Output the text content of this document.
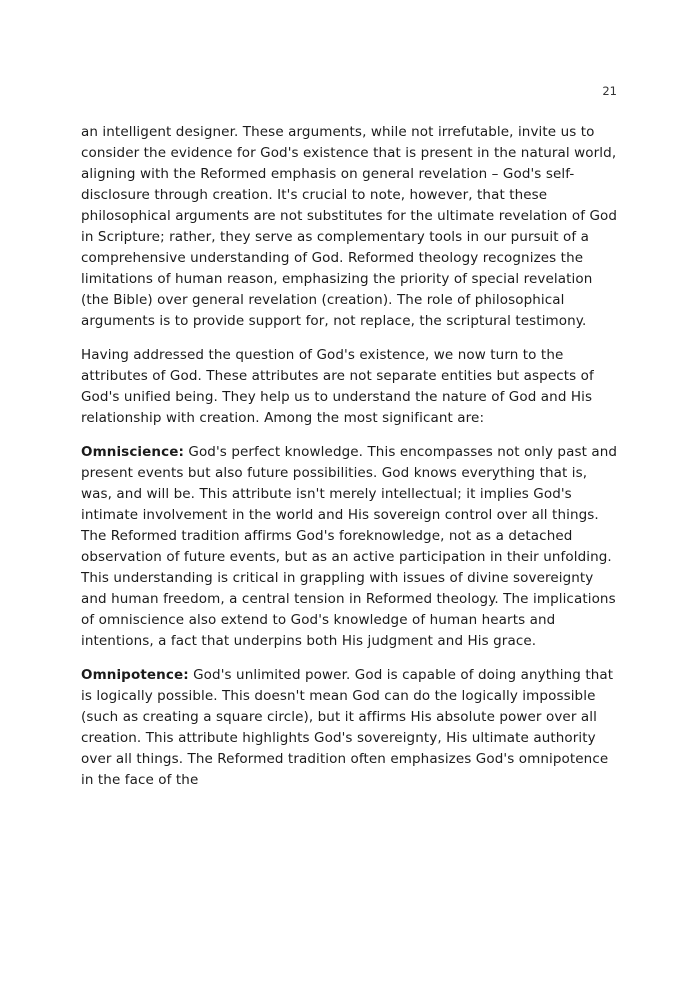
21

an intelligent designer. These arguments, while not irrefutable, invite us to consider the evidence for God's existence that is present in the natural world, aligning with the Reformed emphasis on general revelation – God's self-disclosure through creation. It's crucial to note, however, that these philosophical arguments are not substitutes for the ultimate revelation of God in Scripture; rather, they serve as complementary tools in our pursuit of a comprehensive understanding of God. Reformed theology recognizes the limitations of human reason, emphasizing the priority of special revelation (the Bible) over general revelation (creation). The role of philosophical arguments is to provide support for, not replace, the scriptural testimony.

Having addressed the question of God's existence, we now turn to the attributes of God. These attributes are not separate entities but aspects of God's unified being. They help us to understand the nature of God and His relationship with creation. Among the most significant are:

Omniscience: God's perfect knowledge. This encompasses not only past and present events but also future possibilities. God knows everything that is, was, and will be. This attribute isn't merely intellectual; it implies God's intimate involvement in the world and His sovereign control over all things. The Reformed tradition affirms God's foreknowledge, not as a detached observation of future events, but as an active participation in their unfolding. This understanding is critical in grappling with issues of divine sovereignty and human freedom, a central tension in Reformed theology. The implications of omniscience also extend to God's knowledge of human hearts and intentions, a fact that underpins both His judgment and His grace.

Omnipotence: God's unlimited power. God is capable of doing anything that is logically possible. This doesn't mean God can do the logically impossible (such as creating a square circle), but it affirms His absolute power over all creation. This attribute highlights God's sovereignty, His ultimate authority over all things. The Reformed tradition often emphasizes God's omnipotence in the face of the
